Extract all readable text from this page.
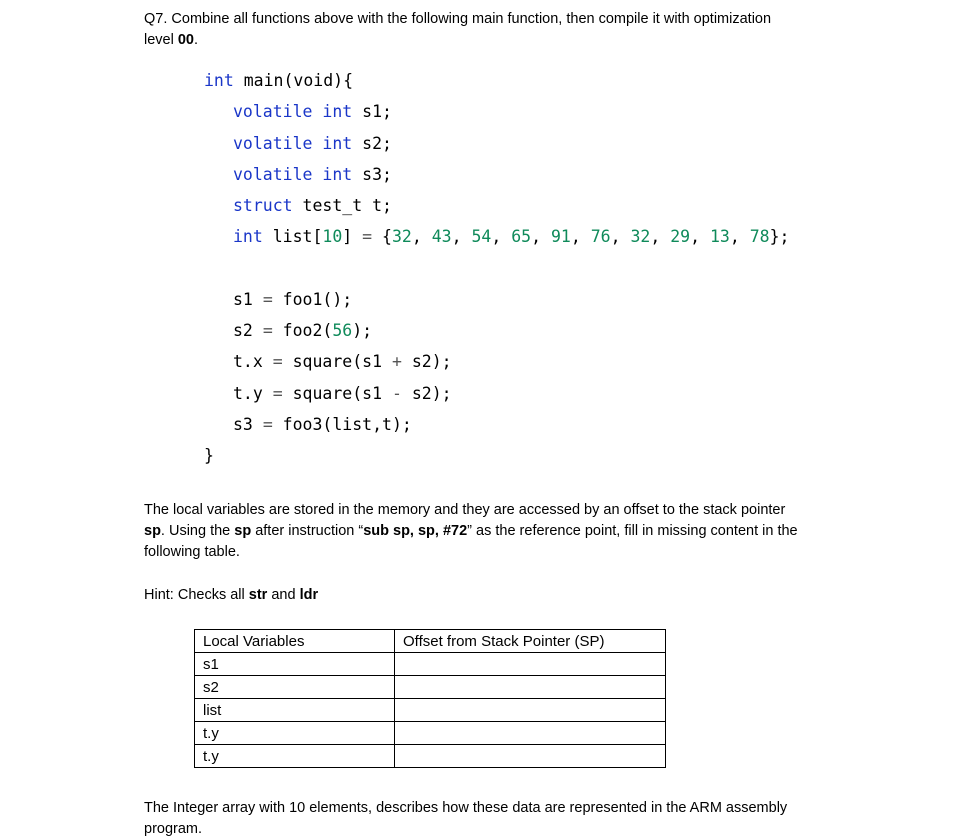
Q7. Combine all functions above with the following main function, then compile it with optimization
level 00.
int main(void){
volatile int s1;
volatile int s2;
volatile int s3;
struct test_t t;
int list[10] = {32, 43, 54, 65, 91, 76, 32, 29, 13, 78};
s1 = foo1();
s2 = foo2(56);
t.x = square(s1 + s2);
t.y = square(s1 - s2);
s3 = foo3(list,t);
}
The local variables are stored in the memory and they are accessed by an offset to the stack pointer
sp. Using the sp after instruction “sub sp, sp, #72” as the reference point, fill in missing content in the
following table.
Hint: Checks all str and ldr
Local Variables	Offset from Stack Pointer (SP)
s1	
s2	
list	
t.y	
t.y	
The Integer array with 10 elements, describes how these data are represented in the ARM assembly
program.
